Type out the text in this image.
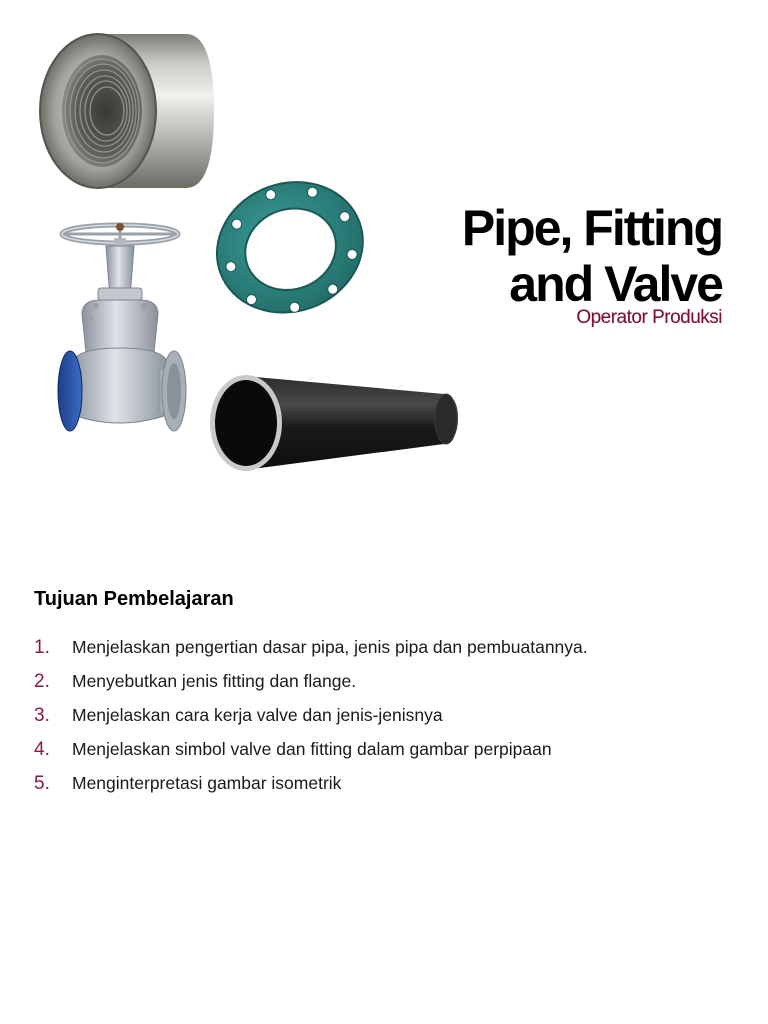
Pipe, Fitting
and Valve
Operator Produksi
Tujuan Pembelajaran
1.	Menjelaskan pengertian dasar pipa, jenis pipa dan pembuatannya.
2.	Menyebutkan jenis fitting dan flange.
3.	Menjelaskan cara kerja valve dan jenis-jenisnya
4.	Menjelaskan simbol valve dan fitting dalam gambar perpipaan
5.	Menginterpretasi gambar isometrik
